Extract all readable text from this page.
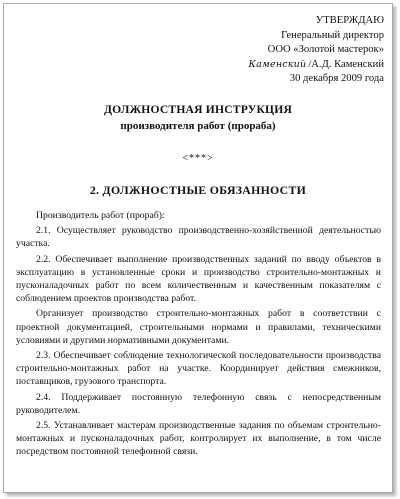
УТВЕРЖДАЮ
Генеральный директор
ООО «Золотой мастерок»
Каменский /А.Д. Каменский
30 декабря 2009 года
ДОЛЖНОСТНАЯ ИНСТРУКЦИЯ
производителя работ (прораба)
<***>
2. ДОЛЖНОСТНЫЕ ОБЯЗАННОСТИ

Производитель работ (прораб):

2.1. Осуществляет руководство производственно-хозяйственной деятельностью участка.

2.2. Обеспечивает выполнение производственных заданий по вводу объектов в эксплуатацию в установленные сроки и производство строительно-монтажных и пусконаладочных работ по всем количественным и качественным показателям с соблюдением проектов производства работ.

Организует производство строительно-монтажных работ в соответствии с проектной документацией, строительными нормами и правилами, техническими условиями и другими нормативными документами.

2.3. Обеспечивает соблюдение технологической последовательности производства строительно-монтажных работ на участке. Координирует действия смежников, поставщиков, грузового транспорта.

2.4. Поддерживает постоянную телефонную связь с непосредственным руководителем.

2.5. Устанавливает мастерам производственные задания по объемам строительно-монтажных и пусконаладочных работ, контролирует их выполнение, в том числе посредством постоянной телефонной связи.
